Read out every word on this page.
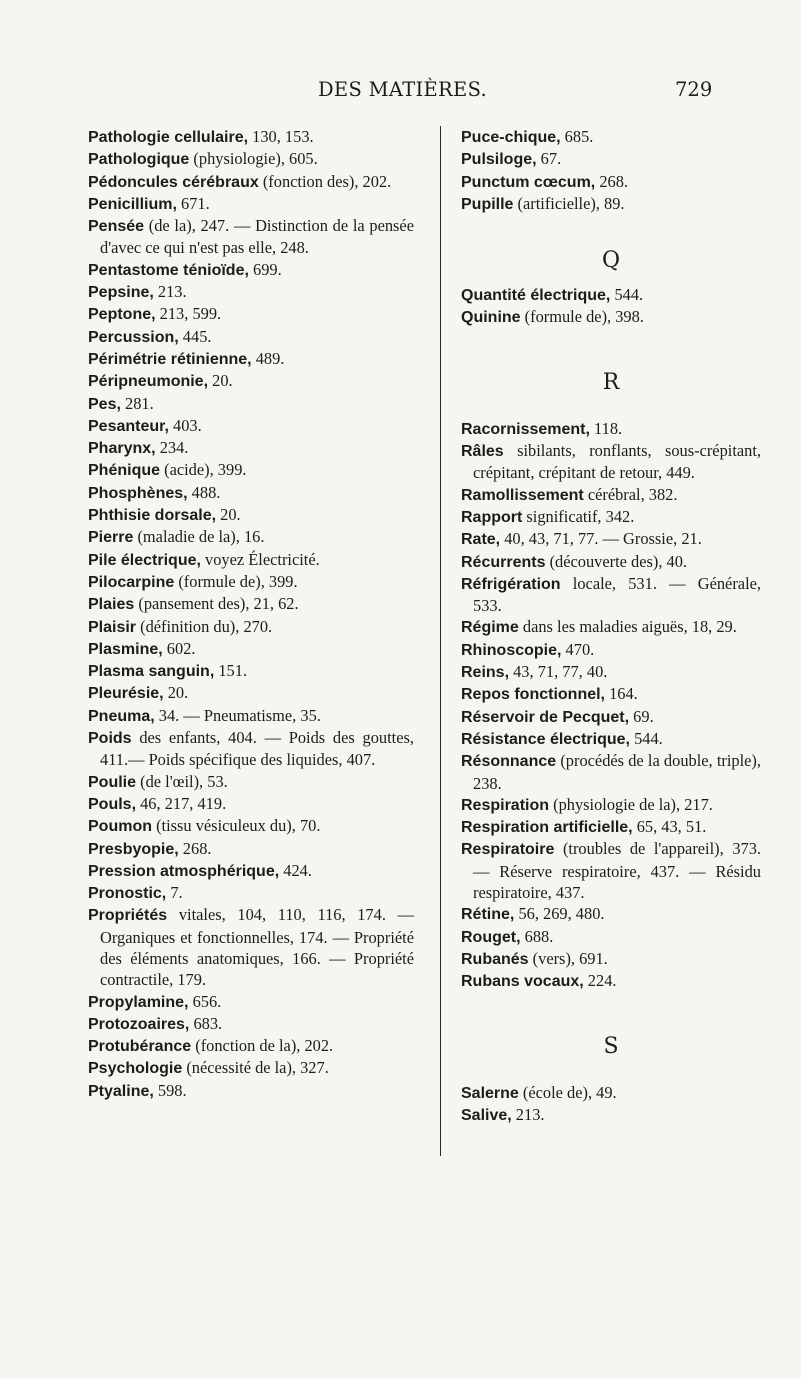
DES MATIÈRES.	729
Pathologie cellulaire, 130, 153.
Pathologique (physiologie), 605.
Pédoncules cérébraux (fonction des), 202.
Penicillium, 671.
Pensée (de la), 247. — Distinction de la pensée d'avec ce qui n'est pas elle, 248.
Pentastome ténioïde, 699.
Pepsine, 213.
Peptone, 213, 599.
Percussion, 445.
Périmétrie rétinienne, 489.
Péripneumonie, 20.
Pes, 281.
Pesanteur, 403.
Pharynx, 234.
Phénique (acide), 399.
Phosphènes, 488.
Phthisie dorsale, 20.
Pierre (maladie de la), 16.
Pile électrique, voyez Électricité.
Pilocarpine (formule de), 399.
Plaies (pansement des), 21, 62.
Plaisir (définition du), 270.
Plasmine, 602.
Plasma sanguin, 151.
Pleurésie, 20.
Pneuma, 34. — Pneumatisme, 35.
Poids des enfants, 404. — Poids des gouttes, 411.— Poids spécifique des liquides, 407.
Poulie (de l'œil), 53.
Pouls, 46, 217, 419.
Poumon (tissu vésiculeux du), 70.
Presbyopie, 268.
Pression atmosphérique, 424.
Pronostic, 7.
Propriétés vitales, 104, 110, 116, 174. — Organiques et fonctionnelles, 174. — Propriété des éléments anatomiques, 166. — Propriété contractile, 179.
Propylamine, 656.
Protozoaires, 683.
Protubérance (fonction de la), 202.
Psychologie (nécessité de la), 327.
Ptyaline, 598.
Puce-chique, 685.
Pulsiloge, 67.
Punctum cœcum, 268.
Pupille (artificielle), 89.
Q
Quantité électrique, 544.
Quinine (formule de), 398.
R
Racornissement, 118.
Râles sibilants, ronflants, sous-crépitant, crépitant, crépitant de retour, 449.
Ramollissement cérébral, 382.
Rapport significatif, 342.
Rate, 40, 43, 71, 77. — Grossie, 21.
Récurrents (découverte des), 40.
Réfrigération locale, 531. — Générale, 533.
Régime dans les maladies aiguës, 18, 29.
Rhinoscopie, 470.
Reins, 43, 71, 77, 40.
Repos fonctionnel, 164.
Réservoir de Pecquet, 69.
Résistance électrique, 544.
Résonnance (procédés de la double, triple), 238.
Respiration (physiologie de la), 217.
Respiration artificielle, 65, 43, 51.
Respiratoire (troubles de l'appareil), 373. — Réserve respiratoire, 437. — Résidu respiratoire, 437.
Rétine, 56, 269, 480.
Rouget, 688.
Rubanés (vers), 691.
Rubans vocaux, 224.
S
Salerne (école de), 49.
Salive, 213.
